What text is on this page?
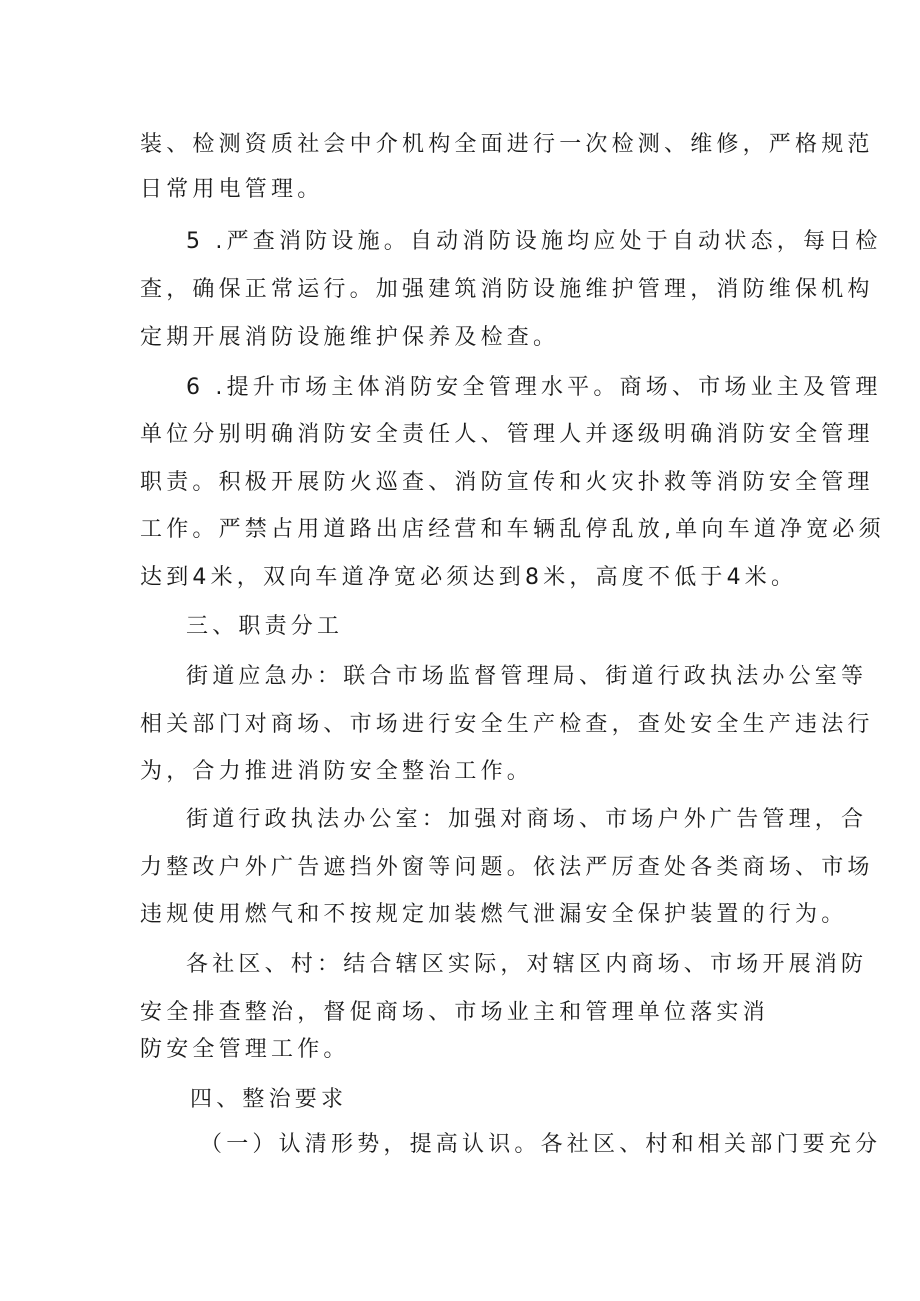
装、检测资质社会中介机构全面进行一次检测、维修，严格规范
日常用电管理。
5 .严查消防设施。自动消防设施均应处于自动状态，每日检
查，确保正常运行。加强建筑消防设施维护管理，消防维保机构
定期开展消防设施维护保养及检查。
6 .提升市场主体消防安全管理水平。商场、市场业主及管理
单位分别明确消防安全责任人、管理人并逐级明确消防安全管理
职责。积极开展防火巡查、消防宣传和火灾扑救等消防安全管理
工作。严禁占用道路出店经营和车辆乱停乱放,单向车道净宽必须
达到4米，双向车道净宽必须达到8米，高度不低于4米。
三、职责分工
街道应急办：联合市场监督管理局、街道行政执法办公室等
相关部门对商场、市场进行安全生产检查，查处安全生产违法行
为，合力推进消防安全整治工作。
街道行政执法办公室：加强对商场、市场户外广告管理，合
力整改户外广告遮挡外窗等问题。依法严厉查处各类商场、市场
违规使用燃气和不按规定加装燃气泄漏安全保护装置的行为。
各社区、村：结合辖区实际，对辖区内商场、市场开展消防
安全排查整治，督促商场、市场业主和管理单位落实消
防安全管理工作。
四、整治要求
（一）认清形势，提高认识。各社区、村和相关部门要充分
